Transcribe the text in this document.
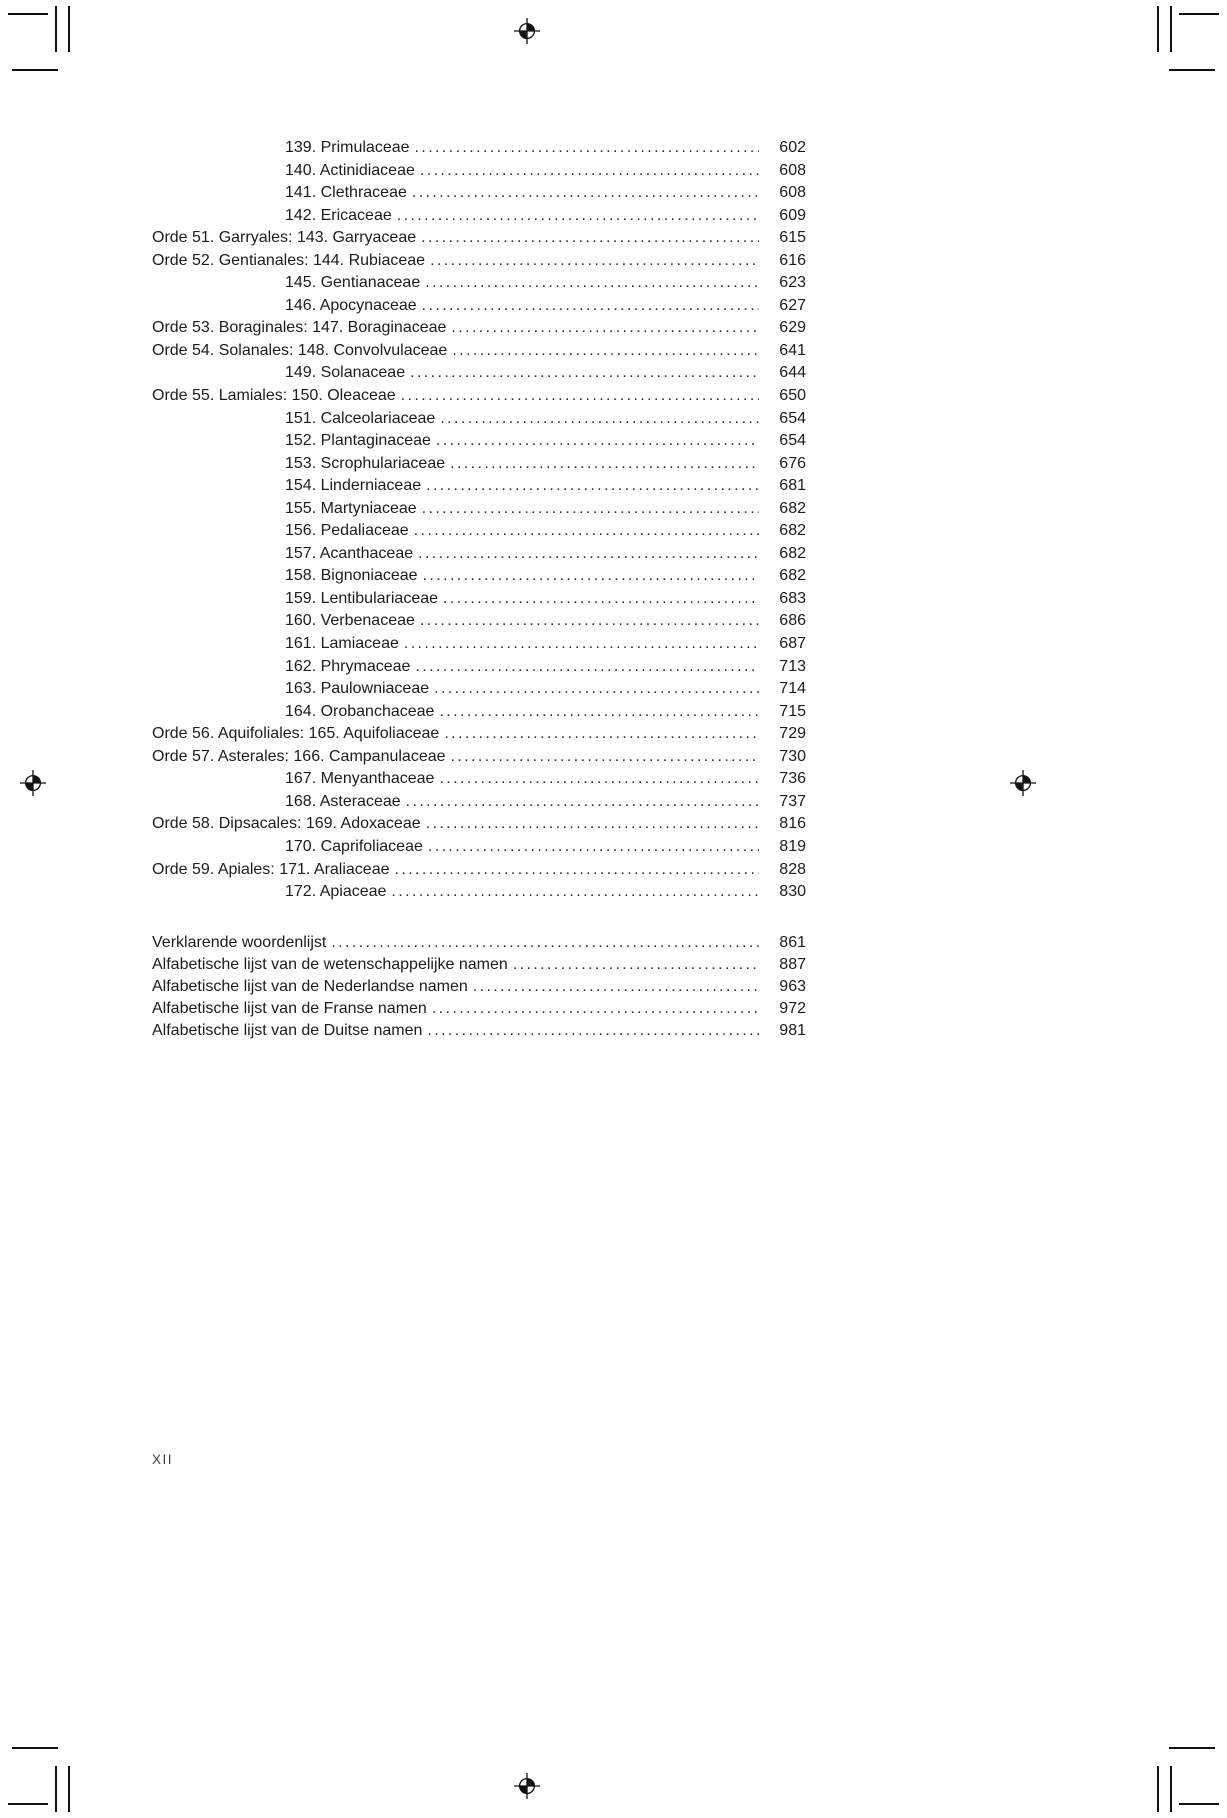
139. Primulaceae .....	602
140. Actinidiaceae .....	608
141. Clethraceae .....	608
142. Ericaceae .....	609
Orde 51. Garryales: 143. Garryaceae .....	615
Orde 52. Gentianales: 144. Rubiaceae .....	616
145. Gentianaceae .....	623
146. Apocynaceae .....	627
Orde 53. Boraginales: 147. Boraginaceae .....	629
Orde 54. Solanales: 148. Convolvulaceae .....	641
149. Solanaceae .....	644
Orde 55. Lamiales: 150. Oleaceae .....	650
151. Calceolariaceae .....	654
152. Plantaginaceae .....	654
153. Scrophulariaceae .....	676
154. Linderniaceae .....	681
155. Martyniaceae .....	682
156. Pedaliaceae .....	682
157. Acanthaceae .....	682
158. Bignoniaceae .....	682
159. Lentibulariaceae .....	683
160. Verbenaceae .....	686
161. Lamiaceae .....	687
162. Phrymaceae .....	713
163. Paulowniaceae .....	714
164. Orobanchaceae .....	715
Orde 56. Aquifoliales: 165. Aquifoliaceae .....	729
Orde 57. Asterales: 166. Campanulaceae .....	730
167. Menyanthaceae .....	736
168. Asteraceae .....	737
Orde 58. Dipsacales: 169. Adoxaceae .....	816
170. Caprifoliaceae .....	819
Orde 59. Apiales: 171. Araliaceae .....	828
172. Apiaceae .....	830
Verklarende woordenlijst .....	861
Alfabetische lijst van de wetenschappelijke namen .....	887
Alfabetische lijst van de Nederlandse namen .....	963
Alfabetische lijst van de Franse namen .....	972
Alfabetische lijst van de Duitse namen .....	981
XII
